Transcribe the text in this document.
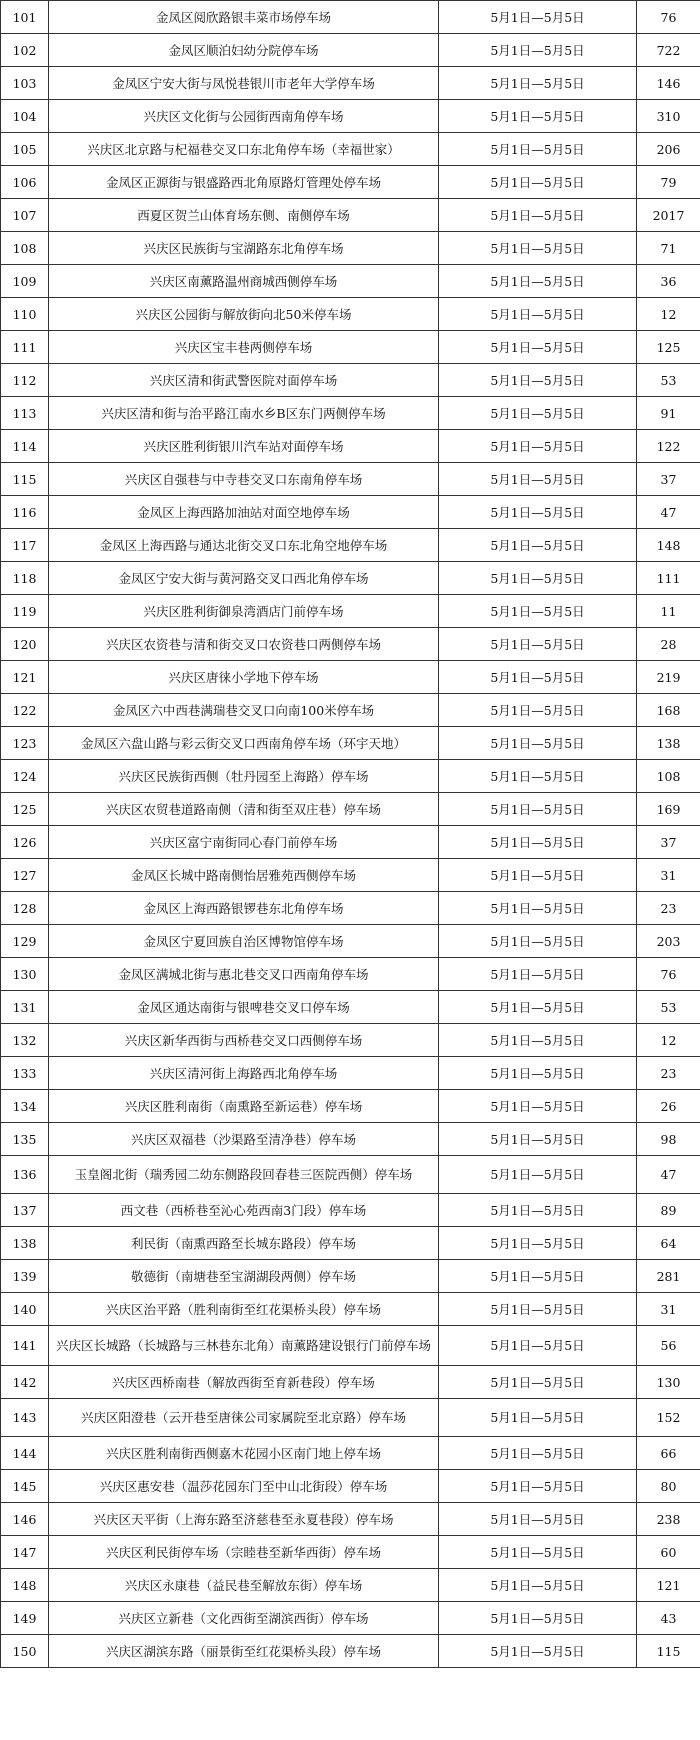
101	金凤区阅欣路银丰菜市场停车场	5月1日—5月5日	76
102	金凤区顺泊妇幼分院停车场	5月1日—5月5日	722
103	金凤区宁安大街与凤悦巷银川市老年大学停车场	5月1日—5月5日	146
104	兴庆区文化街与公园街西南角停车场	5月1日—5月5日	310
105	兴庆区北京路与杞福巷交叉口东北角停车场（幸福世家）	5月1日—5月5日	206
106	金凤区正源街与银盛路西北角原路灯管理处停车场	5月1日—5月5日	79
107	西夏区贺兰山体育场东侧、南侧停车场	5月1日—5月5日	2017
108	兴庆区民族街与宝湖路东北角停车场	5月1日—5月5日	71
109	兴庆区南薰路温州商城西侧停车场	5月1日—5月5日	36
110	兴庆区公园街与解放街向北50米停车场	5月1日—5月5日	12
111	兴庆区宝丰巷两侧停车场	5月1日—5月5日	125
112	兴庆区清和街武警医院对面停车场	5月1日—5月5日	53
113	兴庆区清和街与治平路江南水乡B区东门两侧停车场	5月1日—5月5日	91
114	兴庆区胜利街银川汽车站对面停车场	5月1日—5月5日	122
115	兴庆区自强巷与中寺巷交叉口东南角停车场	5月1日—5月5日	37
116	金凤区上海西路加油站对面空地停车场	5月1日—5月5日	47
117	金凤区上海西路与通达北街交叉口东北角空地停车场	5月1日—5月5日	148
118	金凤区宁安大街与黄河路交叉口西北角停车场	5月1日—5月5日	111
119	兴庆区胜利街御泉湾酒店门前停车场	5月1日—5月5日	11
120	兴庆区农资巷与清和街交叉口农资巷口两侧停车场	5月1日—5月5日	28
121	兴庆区唐徕小学地下停车场	5月1日—5月5日	219
122	金凤区六中西巷满瑞巷交叉口向南100米停车场	5月1日—5月5日	168
123	金凤区六盘山路与彩云街交叉口西南角停车场（环宇天地）	5月1日—5月5日	138
124	兴庆区民族街西侧（牡丹园至上海路）停车场	5月1日—5月5日	108
125	兴庆区农贸巷道路南侧（清和街至双庄巷）停车场	5月1日—5月5日	169
126	兴庆区富宁南街同心春门前停车场	5月1日—5月5日	37
127	金凤区长城中路南侧怡居雅苑西侧停车场	5月1日—5月5日	31
128	金凤区上海西路银锣巷东北角停车场	5月1日—5月5日	23
129	金凤区宁夏回族自治区博物馆停车场	5月1日—5月5日	203
130	金凤区满城北街与惠北巷交叉口西南角停车场	5月1日—5月5日	76
131	金凤区通达南街与银啤巷交叉口停车场	5月1日—5月5日	53
132	兴庆区新华西街与西桥巷交叉口西侧停车场	5月1日—5月5日	12
133	兴庆区清河街上海路西北角停车场	5月1日—5月5日	23
134	兴庆区胜利南街（南熏路至新运巷）停车场	5月1日—5月5日	26
135	兴庆区双福巷（沙渠路至清净巷）停车场	5月1日—5月5日	98
136	玉皇阁北街（瑞秀园二幼东侧路段回春巷三医院西侧）停车场	5月1日—5月5日	47
137	西文巷（西桥巷至沁心苑西南3门段）停车场	5月1日—5月5日	89
138	利民街（南熏西路至长城东路段）停车场	5月1日—5月5日	64
139	敬德街（南塘巷至宝湖湖段两侧）停车场	5月1日—5月5日	281
140	兴庆区治平路（胜利南街至红花渠桥头段）停车场	5月1日—5月5日	31
141	兴庆区长城路（长城路与三林巷东北角）南薰路建设银行门前停车场	5月1日—5月5日	56
142	兴庆区西桥南巷（解放西街至育新巷段）停车场	5月1日—5月5日	130
143	兴庆区阳澄巷（云开巷至唐徕公司家属院至北京路）停车场	5月1日—5月5日	152
144	兴庆区胜利南街西侧嘉木花园小区南门地上停车场	5月1日—5月5日	66
145	兴庆区惠安巷（温莎花园东门至中山北街段）停车场	5月1日—5月5日	80
146	兴庆区天平街（上海东路至济慈巷至永夏巷段）停车场	5月1日—5月5日	238
147	兴庆区利民街停车场（宗睦巷至新华西街）停车场	5月1日—5月5日	60
148	兴庆区永康巷（益民巷至解放东街）停车场	5月1日—5月5日	121
149	兴庆区立新巷（文化西街至湖滨西街）停车场	5月1日—5月5日	43
150	兴庆区湖滨东路（丽景街至红花渠桥头段）停车场	5月1日—5月5日	115
